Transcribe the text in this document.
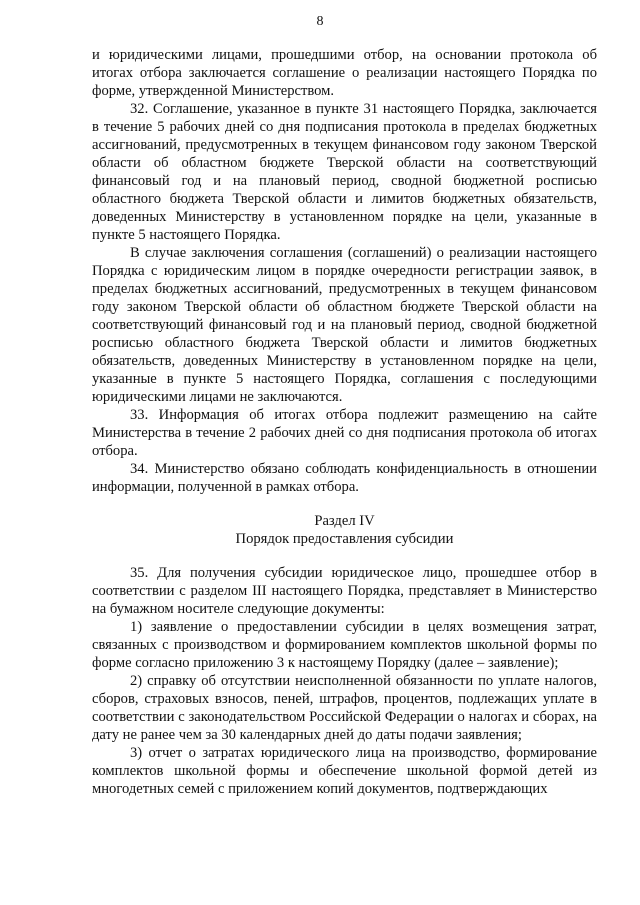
8

и юридическими лицами, прошедшими отбор, на основании протокола об итогах отбора заключается соглашение о реализации настоящего Порядка по форме, утвержденной Министерством.

32. Соглашение, указанное в пункте 31 настоящего Порядка, заключается в течение 5 рабочих дней со дня подписания протокола в пределах бюджетных ассигнований, предусмотренных в текущем финансовом году законом Тверской области об областном бюджете Тверской области на соответствующий финансовый год и на плановый период, сводной бюджетной росписью областного бюджета Тверской области и лимитов бюджетных обязательств, доведенных Министерству в установленном порядке на цели, указанные в пункте 5 настоящего Порядка.

В случае заключения соглашения (соглашений) о реализации настоящего Порядка с юридическим лицом в порядке очередности регистрации заявок, в пределах бюджетных ассигнований, предусмотренных в текущем финансовом году законом Тверской области об областном бюджете Тверской области на соответствующий финансовый год и на плановый период, сводной бюджетной росписью областного бюджета Тверской области и лимитов бюджетных обязательств, доведенных Министерству в установленном порядке на цели, указанные в пункте 5 настоящего Порядка, соглашения с последующими юридическими лицами не заключаются.

33. Информация об итогах отбора подлежит размещению на сайте Министерства в течение 2 рабочих дней со дня подписания протокола об итогах отбора.

34. Министерство обязано соблюдать конфиденциальность в отношении информации, полученной в рамках отбора.

Раздел IV
Порядок предоставления субсидии

35. Для получения субсидии юридическое лицо, прошедшее отбор в соответствии с разделом III настоящего Порядка, представляет в Министерство на бумажном носителе следующие документы:

1) заявление о предоставлении субсидии в целях возмещения затрат, связанных с производством и формированием комплектов школьной формы по форме согласно приложению 3 к настоящему Порядку (далее – заявление);

2) справку об отсутствии неисполненной обязанности по уплате налогов, сборов, страховых взносов, пеней, штрафов, процентов, подлежащих уплате в соответствии с законодательством Российской Федерации о налогах и сборах, на дату не ранее чем за 30 календарных дней до даты подачи заявления;

3) отчет о затратах юридического лица на производство, формирование комплектов школьной формы и обеспечение школьной формой детей из многодетных семей с приложением копий документов, подтверждающих
